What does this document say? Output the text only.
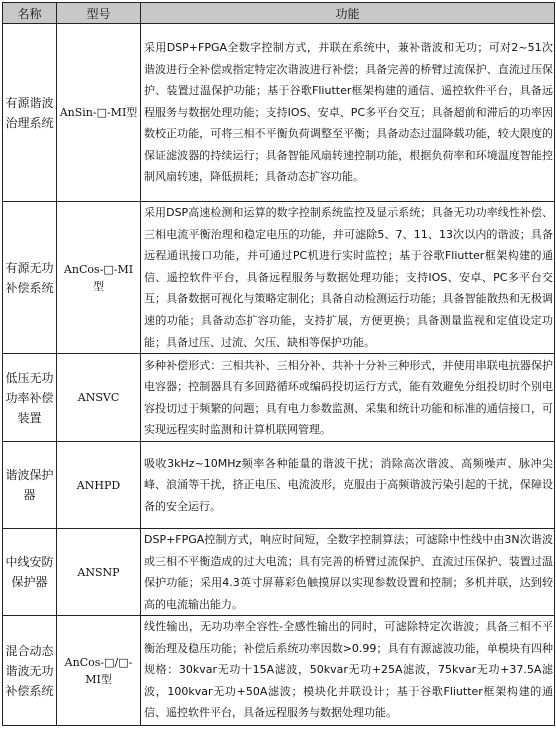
名称	型号	功能
有源谐波治理系统	AnSin-□-MI型	采用DSP+FPGA全数字控制方式，并联在系统中，兼补谐波和无功；可对2~51次谐波进行全补偿或指定特定次谐波进行补偿；具备完善的桥臂过流保护、直流过压保护、装置过温保护功能；基于谷歌Fliutter框架构建的通信、遥控软件平台，具备远程服务与数据处理功能；支持IOS、安卓、PC多平台交互；具备超前和滞后的功率因数校正功能，可将三相不平衡负荷调整至平衡；具备动态过温降载功能，较大限度的保证滤波器的持续运行；具备智能风扇转速控制功能，根据负荷率和环境温度智能控制风扇转速，降低损耗；具备动态扩容功能。

有源无功补偿系统	AnCos-□-MI型	采用DSP高速检测和运算的数字控制系统监控及显示系统；具备无功功率线性补偿、三相电流平衡治理和稳定电压的功能，并可滤除5、7、11、13次以内的谐波；具备远程通讯接口功能，并可通过PC机进行实时监控；基于谷歌Fliutter框架构建的通信、遥控软件平台，具备远程服务与数据处理功能；支持IOS、安卓、PC多平台交互；具备数据可视化与策略定制化；具备自动检测运行功能；具备智能散热和无极调速的功能；具备动态扩容功能，支持扩展，方便更换；具备测量监视和定值设定功能；具备过压、过流、欠压、缺相等保护功能。

低压无功功率补偿装置	ANSVC	多种补偿形式：三相共补、三相分补、共补十分补三种形式，并使用串联电抗器保护电容器；控制器具有多回路循环或编码投切运行方式，能有效避免分组投切时个别电容投切过于频繁的问题；具有电力参数监测、采集和统计功能和标准的通信接口，可实现远程实时监测和计算机联网管理。

谐波保护器	ANHPD	吸收3kHz~10MHz频率各种能量的谐波干扰；消除高次谐波、高频噪声、脉冲尖峰、浪涌等干扰，挤正电压、电流波形，克服由于高频谐波污染引起的干扰，保障设备的安全运行。

中线安防保护器	ANSNP	DSP+FPGA控制方式，响应时间短，全数字控制算法；可滤除中性线中由3N次谐波或三相不平衡造成的过大电流；具有完善的桥臂过流保护、直流过压保护、装置过温保护功能；采用4.3英寸屏幕彩色触摸屏以实现参数设置和控制；多机并联，达到较高的电流输出能力。

混合动态谐波无功补偿系统	AnCos-□/□-MI型	线性输出，无功功率全容性-全感性输出的同时，可滤除特定次谐波；具备三相不平衡治理及稳压功能；补偿后系统功率因数>0.99；具有有源滤波功能，单模块有四种规格：30kvar无功十15A滤波，50kvar无功+25A滤波，75kvar无功+37.5A滤波，100kvar无功+50A滤波；模块化并联设计；基于谷歌Fliutter框架构建的通信、遥控软件平台，具备远程服务与数据处理功能。
